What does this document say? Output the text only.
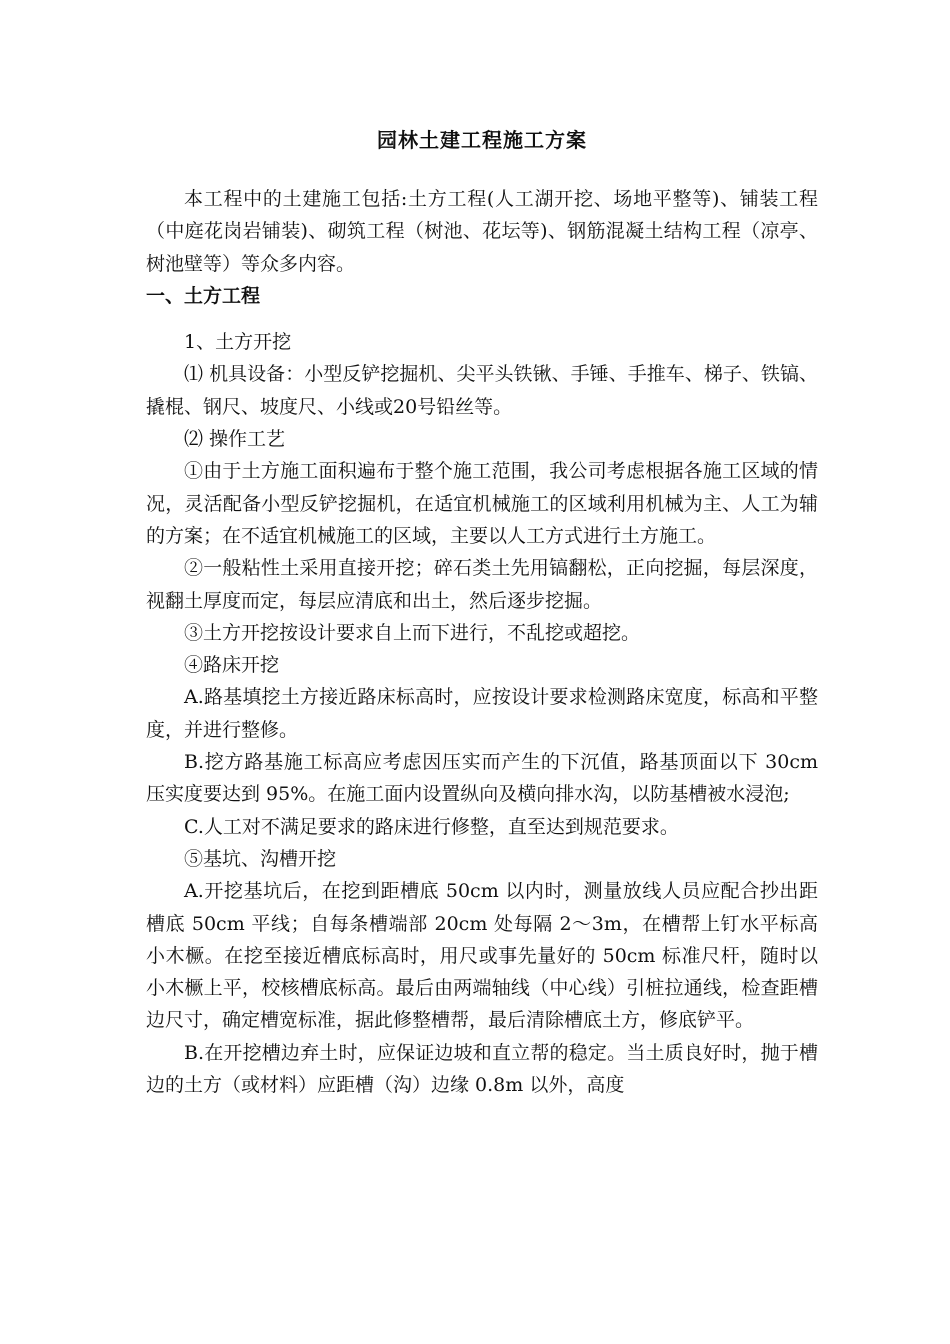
园林土建工程施工方案

本工程中的土建施工包括:土方工程(人工湖开挖、场地平整等)、铺装工程（中庭花岗岩铺装)、砌筑工程（树池、花坛等)、钢筋混凝土结构工程（凉亭、树池壁等）等众多内容。

一、土方工程

1、土方开挖

⑴ 机具设备：小型反铲挖掘机、尖平头铁锹、手锤、手推车、梯子、铁镐、撬棍、钢尺、坡度尺、小线或20号铅丝等。

⑵ 操作工艺

①由于土方施工面积遍布于整个施工范围，我公司考虑根据各施工区域的情况，灵活配备小型反铲挖掘机，在适宜机械施工的区域利用机械为主、人工为辅的方案；在不适宜机械施工的区域，主要以人工方式进行土方施工。

②一般粘性土采用直接开挖；碎石类土先用镐翻松，正向挖掘，每层深度，视翻土厚度而定，每层应清底和出土，然后逐步挖掘。

③土方开挖按设计要求自上而下进行，不乱挖或超挖。

④路床开挖

A.路基填挖土方接近路床标高时，应按设计要求检测路床宽度，标高和平整度，并进行整修。

B.挖方路基施工标高应考虑因压实而产生的下沉值，路基顶面以下 30cm 压实度要达到 95%。在施工面内设置纵向及横向排水沟，以防基槽被水浸泡;

C.人工对不满足要求的路床进行修整，直至达到规范要求。

⑤基坑、沟槽开挖

A.开挖基坑后，在挖到距槽底 50cm 以内时，测量放线人员应配合抄出距槽底 50cm 平线；自每条槽端部 20cm 处每隔 2～3m，在槽帮上钉水平标高小木橛。在挖至接近槽底标高时，用尺或事先量好的 50cm 标准尺杆，随时以小木橛上平，校核槽底标高。最后由两端轴线（中心线）引桩拉通线，检查距槽边尺寸，确定槽宽标准，据此修整槽帮，最后清除槽底土方，修底铲平。

B.在开挖槽边弃土时，应保证边坡和直立帮的稳定。当土质良好时，抛于槽边的土方（或材料）应距槽（沟）边缘 0.8m 以外，高度
